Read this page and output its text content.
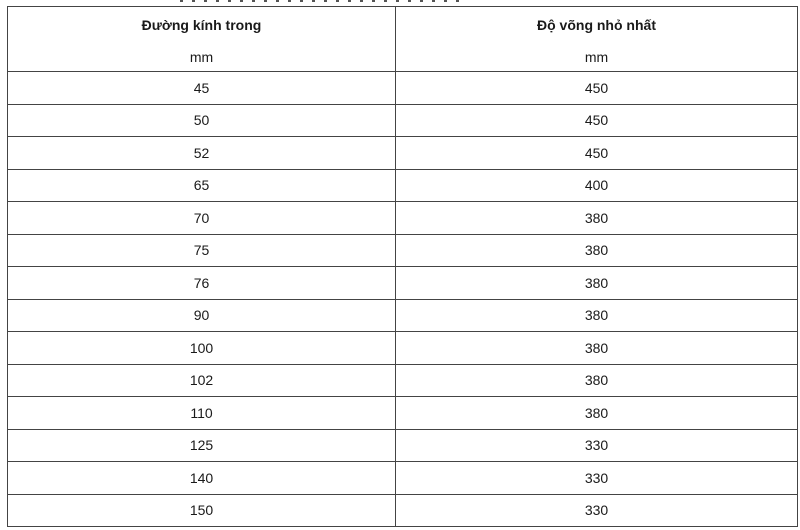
Đường kính trong	Độ võng nhỏ nhất
mm	mm
45	450
50	450
52	450
65	400
70	380
75	380
76	380
90	380
100	380
102	380
110	380
125	330
140	330
150	330
